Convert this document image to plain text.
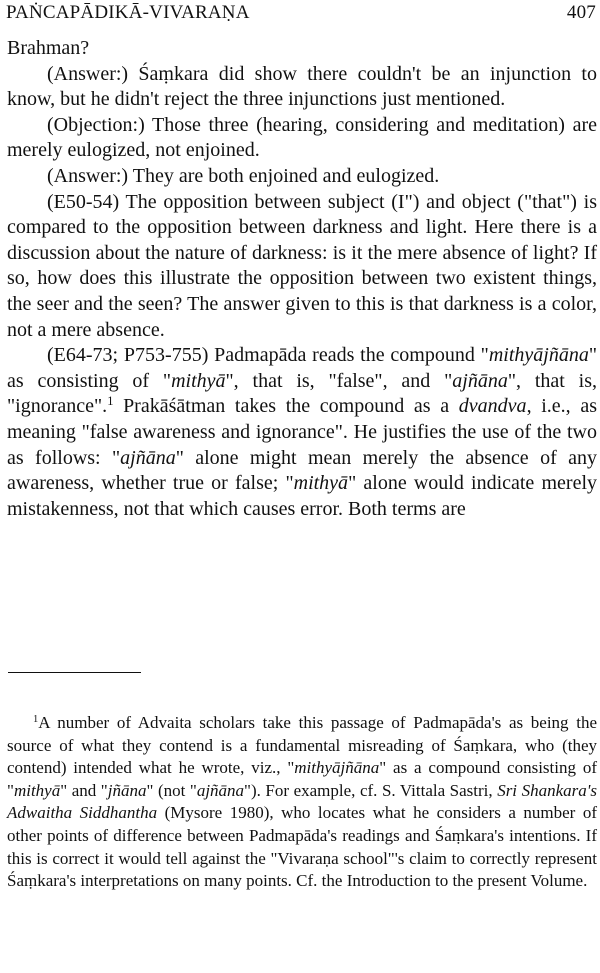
PAṄCAPĀDIKĀ-VIVARAṆA	407

Brahman?

(Answer:) Śaṃkara did show there couldn't be an injunction to know, but he didn't reject the three injunctions just mentioned.

(Objection:) Those three (hearing, considering and meditation) are merely eulogized, not enjoined.

(Answer:) They are both enjoined and eulogized.

(E50-54) The opposition between subject (I") and object ("that") is compared to the opposition between darkness and light. Here there is a discussion about the nature of darkness: is it the mere absence of light? If so, how does this illustrate the opposition between two existent things, the seer and the seen? The answer given to this is that darkness is a color, not a mere absence.

(E64-73; P753-755) Padmapāda reads the compound "mithyājñāna" as consisting of "mithyā", that is, "false", and "ajñāna", that is, "ignorance".$^1$ Prakāśātman takes the compound as a dvandva, i.e., as meaning "false awareness and ignorance". He justifies the use of the two as follows: "ajñāna" alone might mean merely the absence of any awareness, whether true or false; "mithyā" alone would indicate merely mistakenness, not that which causes error. Both terms are

$^1$A number of Advaita scholars take this passage of Padmapāda's as being the source of what they contend is a fundamental misreading of Śaṃkara, who (they contend) intended what he wrote, viz., "mithyājñāna" as a compound consisting of "mithyā" and "jñāna" (not "ajñāna"). For example, cf. S. Vittala Sastri, Sri Shankara's Adwaitha Siddhantha (Mysore 1980), who locates what he considers a number of other points of difference between Padmapāda's readings and Śaṃkara's intentions. If this is correct it would tell against the "Vivaraṇa school"'s claim to correctly represent Śaṃkara's interpretations on many points. Cf. the Introduction to the present Volume.
